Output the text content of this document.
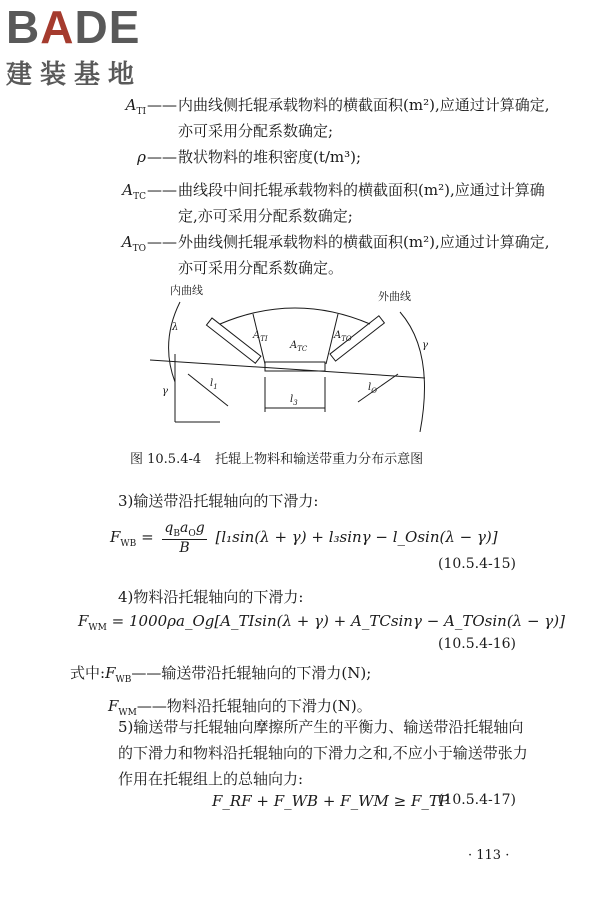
BADE
建装基地
$A_{TI}$ —— 内曲线侧托辊承载物料的横截面积(m²),应通过计算确定,亦可采用分配系数确定;
ρ —— 散状物料的堆积密度(t/m³);
$A_{TC}$ —— 曲线段中间托辊承载物料的横截面积(m²),应通过计算确定,亦可采用分配系数确定;
$A_{TO}$ —— 外曲线侧托辊承载物料的横截面积(m²),应通过计算确定,亦可采用分配系数确定。
内曲线	外曲线
$A_{TI}$
$A_{TC}$
$A_{TO}$
$l_1$
$l_3$
$l_O$
λ
γ
γ
图 10.5.4-4 托辊上物料和输送带重力分布示意图
3)输送带沿托辊轴向的下滑力:
$F_{WB} = \frac{q_Ba_Og}{B} [l_1\sin(\lambda + \gamma) + l_3\sin\gamma$ − l_Osin(λ − γ)]
(10.5.4-15)
4)物料沿托辊轴向的下滑力:
$F_{WM}$ = 1000ρa_Og[A_TIsin(λ + γ) + A_TCsinγ − A_TOsin(λ − γ)]
(10.5.4-16)
式中: $F_{WB}$ —— 输送带沿托辊轴向的下滑力(N);
$F_{WM}$ —— 物料沿托辊轴向的下滑力(N)。
5)输送带与托辊轴向摩擦所产生的平衡力、输送带沿托辊轴向的下滑力和物料沿托辊轴向的下滑力之和,不应小于输送带张力作用在托辊组上的总轴向力:
F_RF + F_WB + F_WM ≥ F_TP
(10.5.4-17)
· 113 ·
